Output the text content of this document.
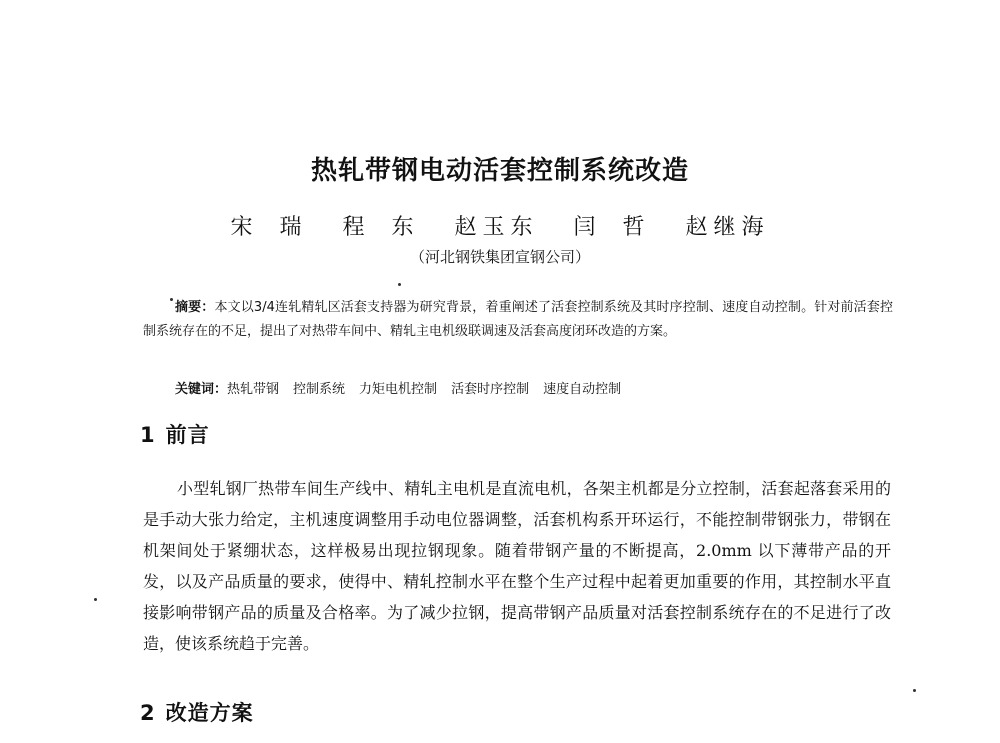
热轧带钢电动活套控制系统改造
宋 瑞 程 东 赵玉东 闫 哲 赵继海
（河北钢铁集团宣钢公司）
摘要：本文以3/4连轧精轧区活套支持器为研究背景，着重阐述了活套控制系统及其时序控制、速度自动控制。针对前活套控制系统存在的不足，提出了对热带车间中、精轧主电机级联调速及活套高度闭环改造的方案。
关键词：热轧带钢 控制系统 力矩电机控制 活套时序控制 速度自动控制
1 前言
小型轧钢厂热带车间生产线中、精轧主电机是直流电机，各架主机都是分立控制，活套起落套采用的是手动大张力给定，主机速度调整用手动电位器调整，活套机构系开环运行，不能控制带钢张力，带钢在机架间处于紧绷状态，这样极易出现拉钢现象。随着带钢产量的不断提高，2.0mm 以下薄带产品的开发，以及产品质量的要求，使得中、精轧控制水平在整个生产过程中起着更加重要的作用，其控制水平直接影响带钢产品的质量及合格率。为了减少拉钢，提高带钢产品质量对活套控制系统存在的不足进行了改造，使该系统趋于完善。
2 改造方案
